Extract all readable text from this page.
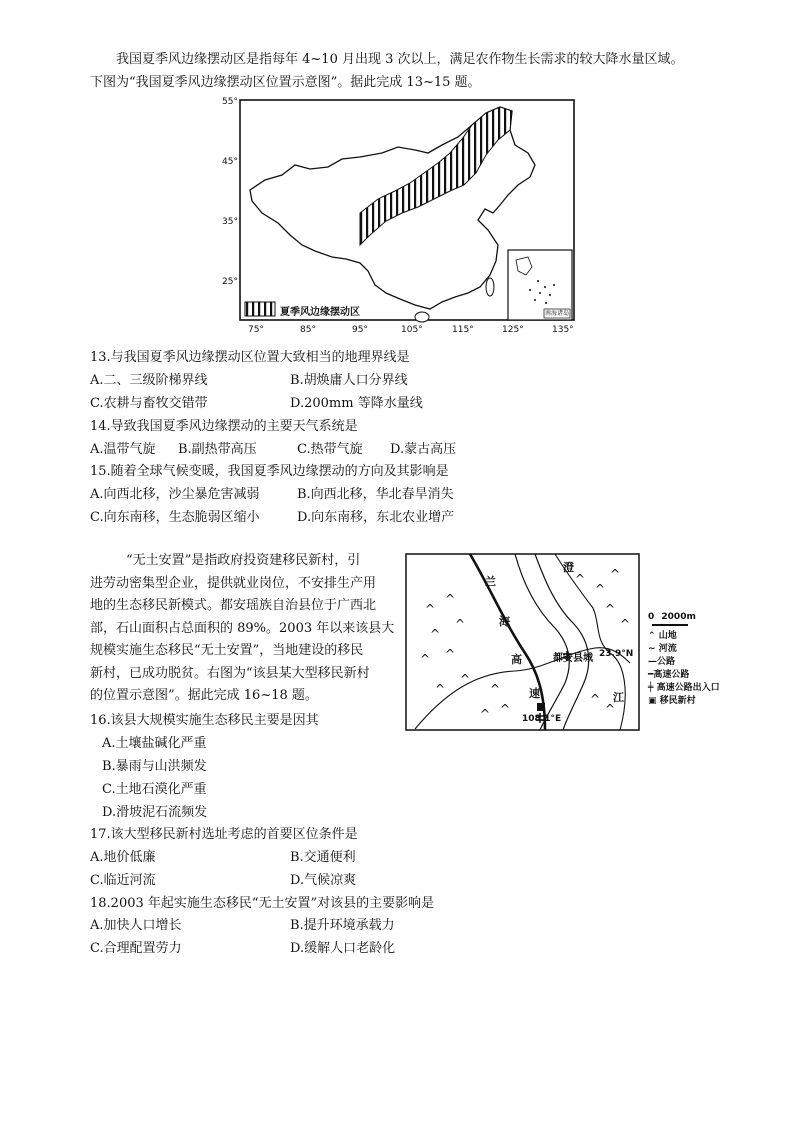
我国夏季风边缘摆动区是指每年 4~10 月出现 3 次以上，满足农作物生长需求的较大降水量区域。
下图为“我国夏季风边缘摆动区位置示意图”。据此完成 13~15 题。
55°
45°
35°
25°
75°	85°	95°	105°	115°	125°	135°
夏季风边缘摆动区	南海诸岛
13.与我国夏季风边缘摆动区位置大致相当的地理界线是
A.二、三级阶梯界线	B.胡焕庸人口分界线
C.农耕与畜牧交错带	D.200mm 等降水量线
14.导致我国夏季风边缘摆动的主要天气系统是
A.温带气旋 B.副热带高压	C.热带气旋 D.蒙古高压
15.随着全球气候变暖，我国夏季风边缘摆动的方向及其影响是
A.向西北移，沙尘暴危害减弱	B.向西北移，华北春旱消失
C.向东南移，生态脆弱区缩小	D.向东南移，东北农业增产
“无土安置”是指政府投资建移民新村，引
进劳动密集型企业，提供就业岗位，不安排生产用
地的生态移民新模式。都安瑶族自治县位于广西北
部，石山面积占总面积的 89%。2003 年以来该县大
规模实施生态移民“无土安置”，当地建设的移民
新村，已成功脱贫。右图为“该县某大型移民新村
的位置示意图”。据此完成 16~18 题。
^
^
^
^
^ ^
^
^
^
^
^
^
^
^
^
^
^
^
兰
海
高
速
澄
江
都安县城 23.9°N
108.1°E
0 2000m
⌃ 山地
∼ 河流
—公路
━高速公路
╪ 高速公路出入口
▣ 移民新村
16.该县大规模实施生态移民主要是因其
A.土壤盐碱化严重
B.暴雨与山洪频发
C.土地石漠化严重
D.滑坡泥石流频发
17.该大型移民新村选址考虑的首要区位条件是
A.地价低廉	B.交通便利
C.临近河流	D.气候凉爽
18.2003 年起实施生态移民“无土安置”对该县的主要影响是
A.加快人口增长	B.提升环境承载力
C.合理配置劳力	D.缓解人口老龄化
